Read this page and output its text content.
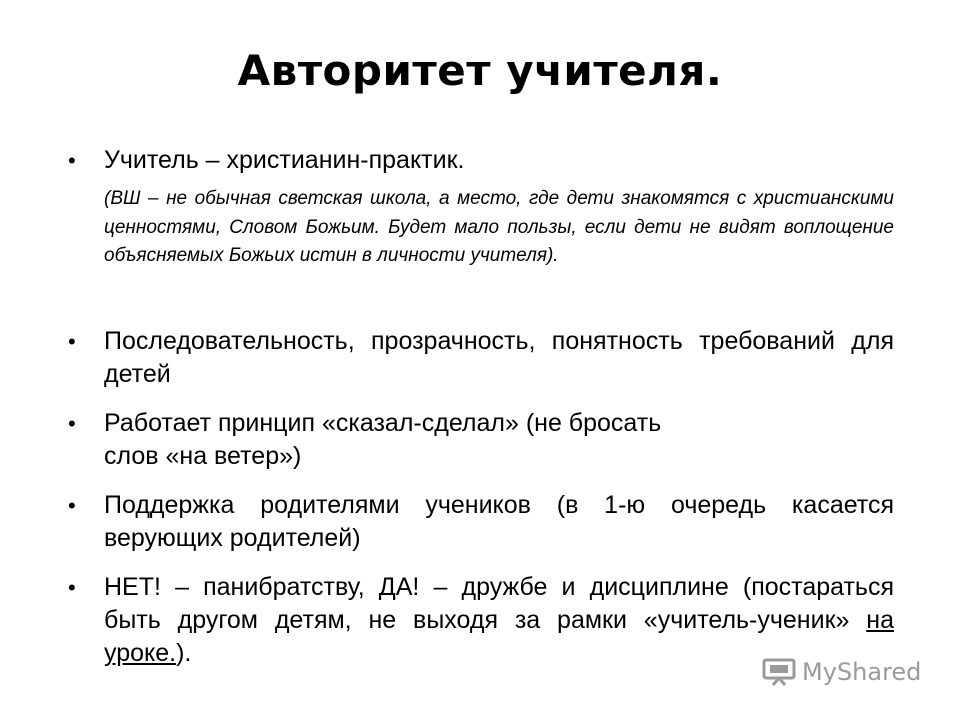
Авторитет учителя.
• Учитель – христианин-практик.
(ВШ – не обычная светская школа, а место, где дети знакомятся с христианскими ценностями, Словом Божьим. Будет мало пользы, если дети не видят воплощение объясняемых Божьих истин в личности учителя).
• Последовательность, прозрачность, понятность требований для детей
• Работает принцип «сказал-сделал» (не бросать слов «на ветер»)
• Поддержка родителями учеников (в 1-ю очередь касается верующих родителей)
• НЕТ! – панибратству, ДА! – дружбе и дисциплине (постараться быть другом детям, не выходя за рамки «учитель-ученик» на уроке.).
MyShared
